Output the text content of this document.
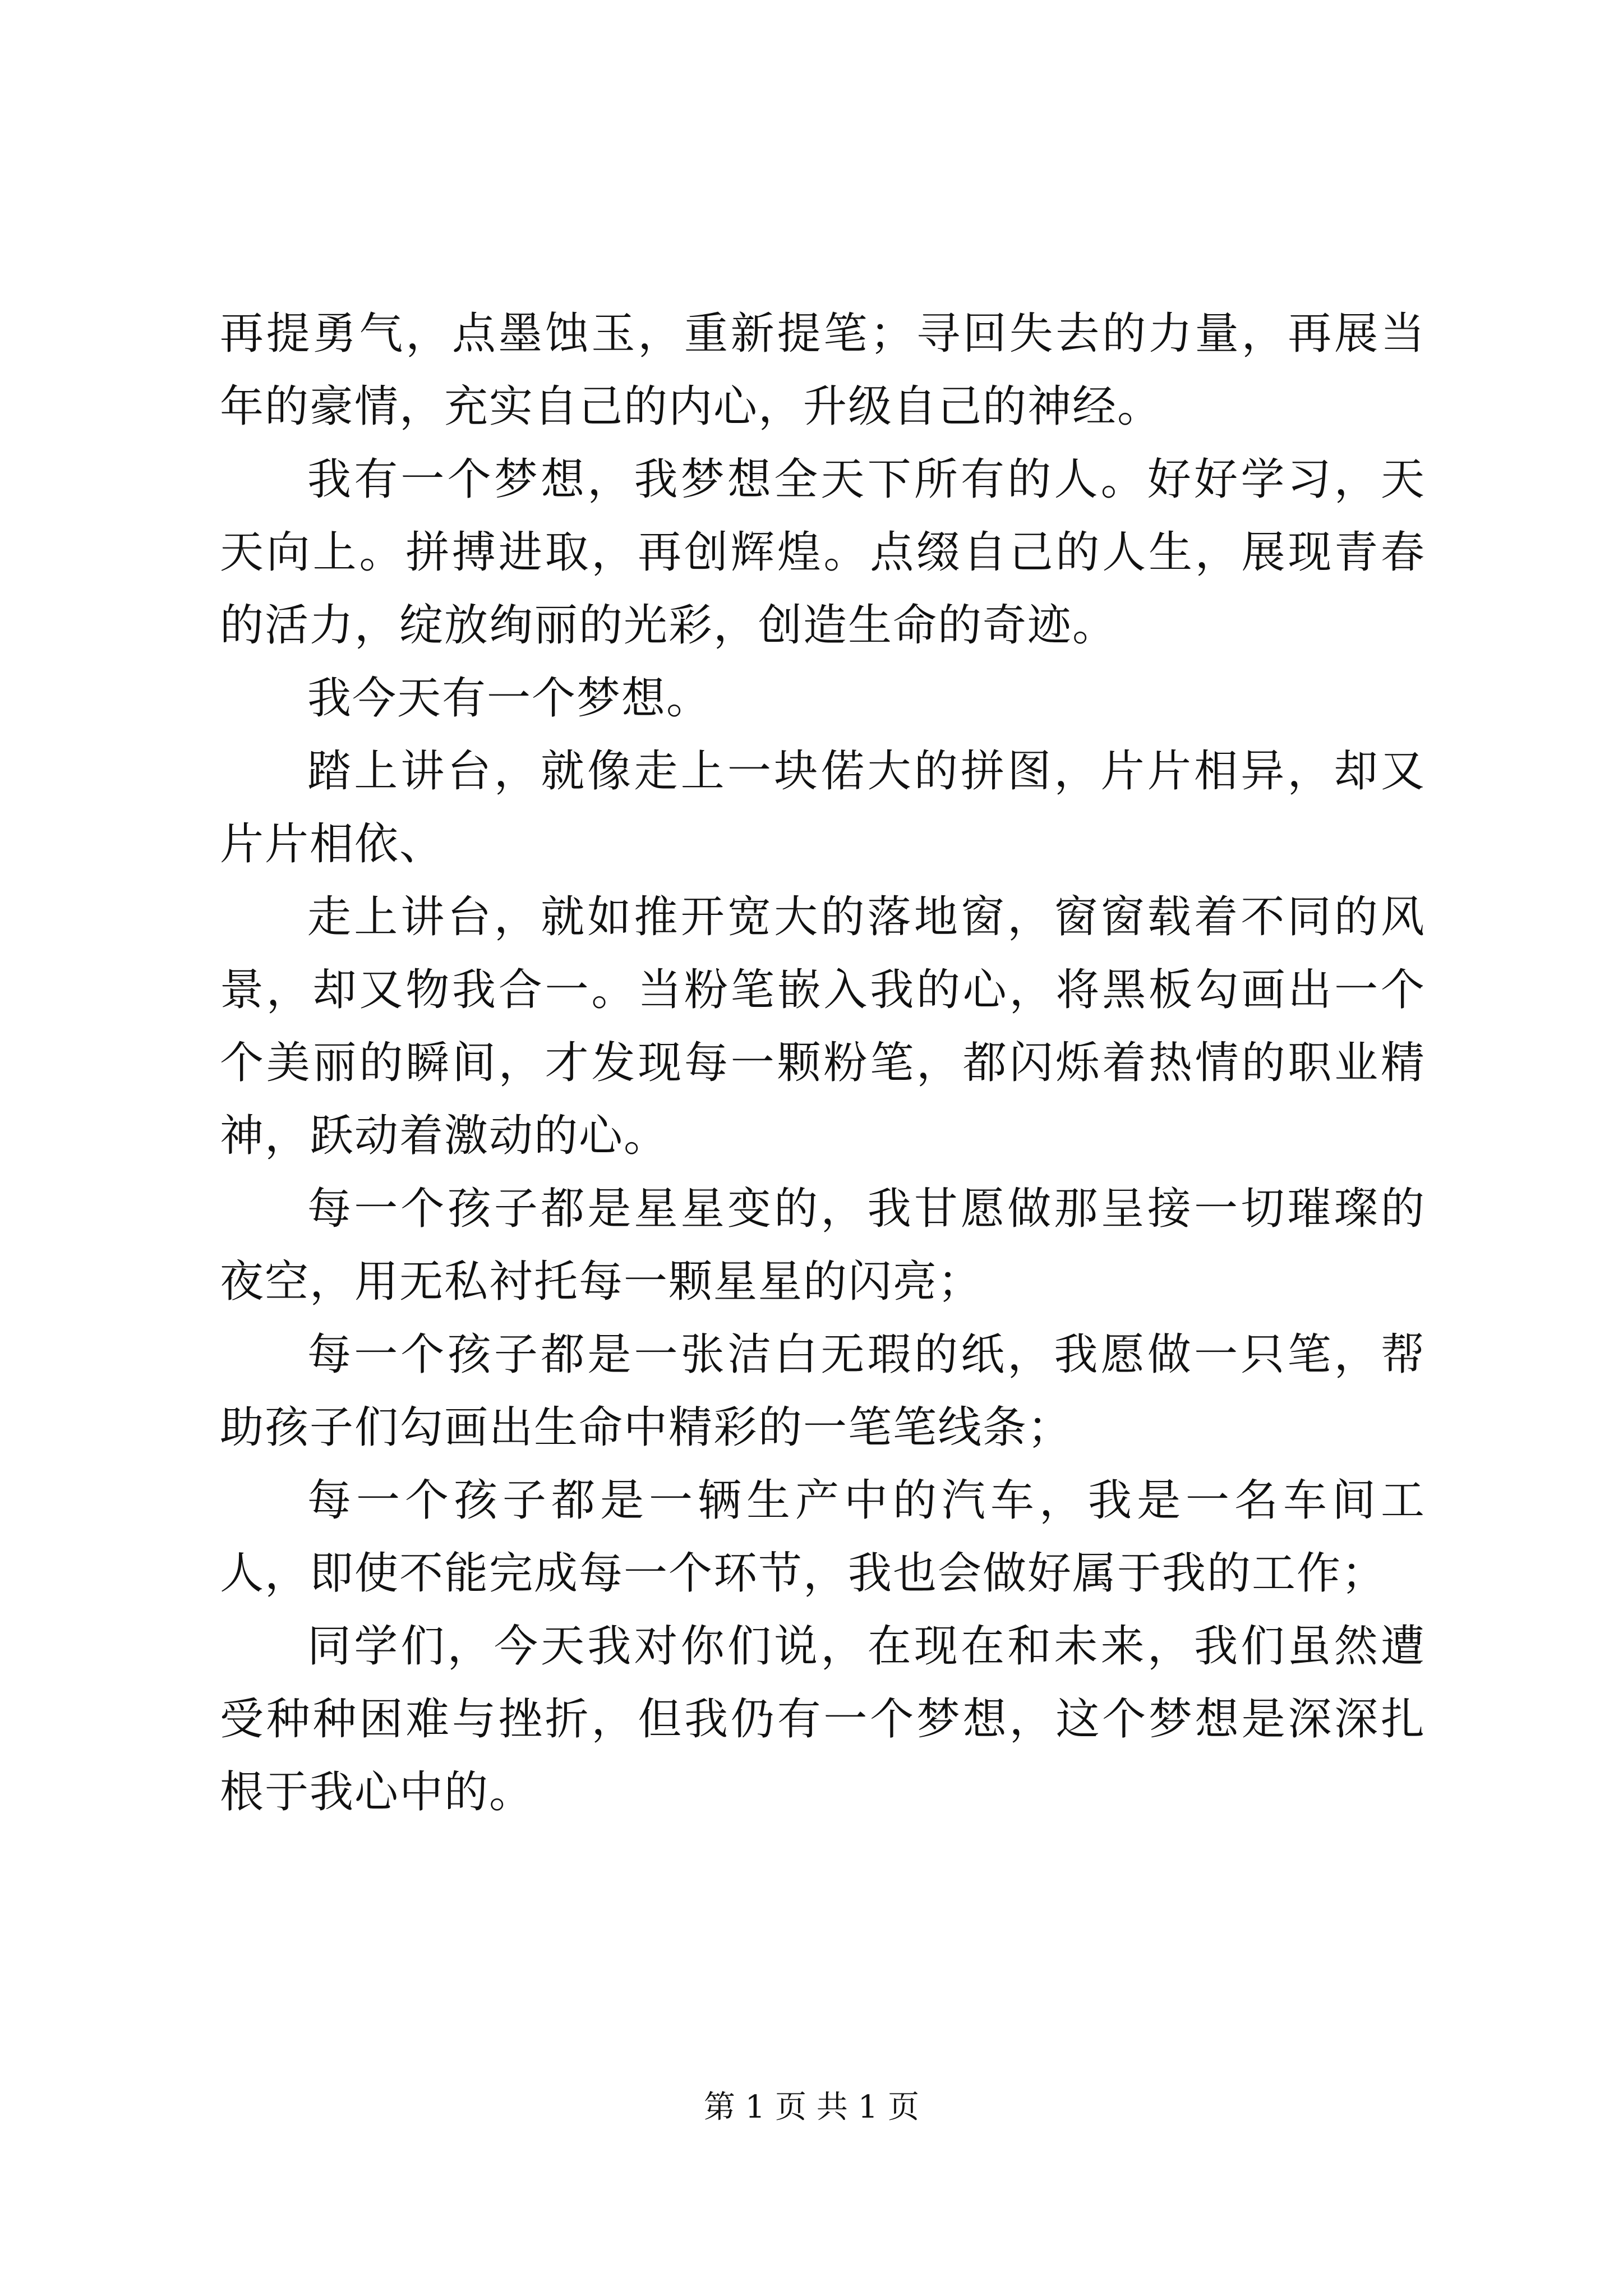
再提勇气，点墨蚀玉，重新提笔；寻回失去的力量，再展当年的豪情，充实自己的内心，升级自己的神经。

我有一个梦想，我梦想全天下所有的人。好好学习，天天向上。拼搏进取，再创辉煌。点缀自己的人生，展现青春的活力，绽放绚丽的光彩，创造生命的奇迹。

我今天有一个梦想。

踏上讲台，就像走上一块偌大的拼图，片片相异，却又片片相依、

走上讲台，就如推开宽大的落地窗，窗窗载着不同的风景，却又物我合一。当粉笔嵌入我的心，将黑板勾画出一个个美丽的瞬间，才发现每一颗粉笔，都闪烁着热情的职业精神，跃动着激动的心。

每一个孩子都是星星变的，我甘愿做那呈接一切璀璨的夜空，用无私衬托每一颗星星的闪亮；

每一个孩子都是一张洁白无瑕的纸，我愿做一只笔，帮助孩子们勾画出生命中精彩的一笔笔线条；

每一个孩子都是一辆生产中的汽车，我是一名车间工人，即使不能完成每一个环节，我也会做好属于我的工作；

同学们，今天我对你们说，在现在和未来，我们虽然遭受种种困难与挫折，但我仍有一个梦想，这个梦想是深深扎根于我心中的。

第 1 页 共 1 页
